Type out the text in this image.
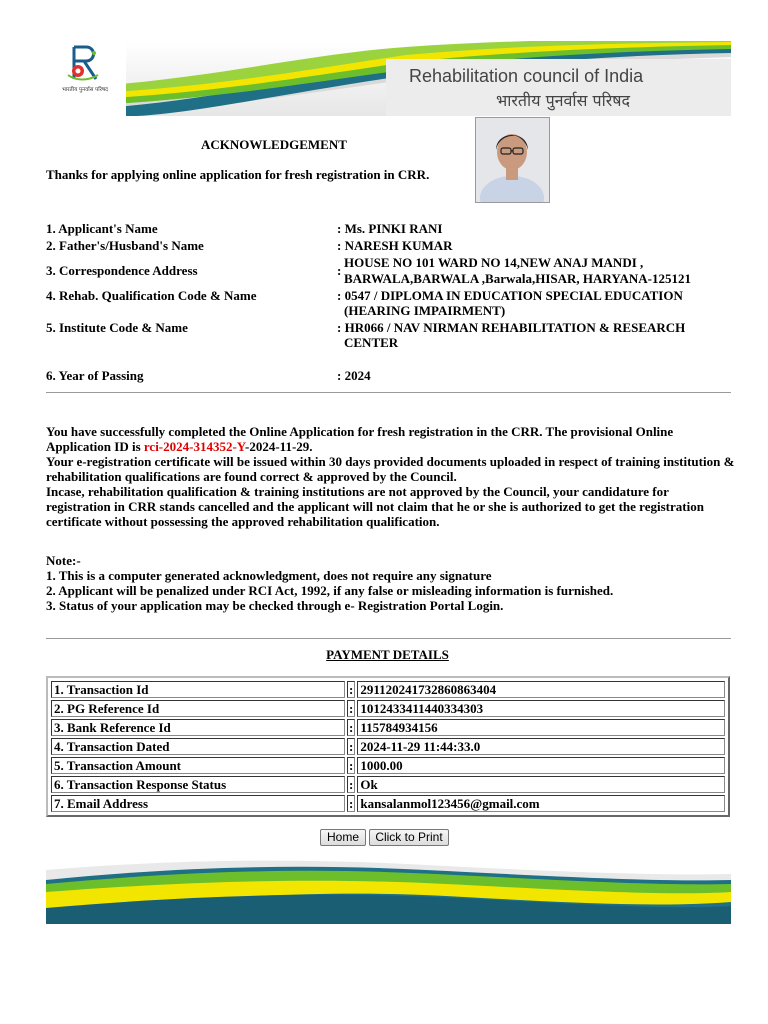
भारतीय पुनर्वास परिषद
Rehabilitation council of India
भारतीय पुनर्वास परिषद
ACKNOWLEDGEMENT
Thanks for applying online application for fresh registration in CRR.
1. Applicant's Name	: Ms. PINKI RANI
2. Father's/Husband's Name	: NARESH KUMAR
3. Correspondence Address	:
HOUSE NO 101 WARD NO 14,NEW ANAJ MANDI ,
BARWALA,BARWALA ,Barwala,HISAR, HARYANA-125121
4. Rehab. Qualification Code & Name	: 0547 / DIPLOMA IN EDUCATION SPECIAL EDUCATION
(HEARING IMPAIRMENT)
5. Institute Code & Name	: HR066 / NAV NIRMAN REHABILITATION & RESEARCH
CENTER
6. Year of Passing	: 2024
You have successfully completed the Online Application for fresh registration in the CRR. The provisional Online Application ID is rci-2024-314352-Y-2024-11-29.
Your e-registration certificate will be issued within 30 days provided documents uploaded in respect of training institution & rehabilitation qualifications are found correct & approved by the Council.
Incase, rehabilitation qualification & training institutions are not approved by the Council, your candidature for registration in CRR stands cancelled and the applicant will not claim that he or she is authorized to get the registration certificate without possessing the approved rehabilitation qualification.
Note:-
1. This is a computer generated acknowledgment, does not require any signature
2. Applicant will be penalized under RCI Act, 1992, if any false or misleading information is furnished.
3. Status of your application may be checked through e- Registration Portal Login.
PAYMENT DETAILS
1. Transaction Id	:	291120241732860863404
2. PG Reference Id	:	1012433411440334303
3. Bank Reference Id	:	115784934156
4. Transaction Dated	:	2024-11-29 11:44:33.0
5. Transaction Amount	:	1000.00
6. Transaction Response Status	:	Ok
7. Email Address	:	kansalanmol123456@gmail.com
Home	Click to Print
